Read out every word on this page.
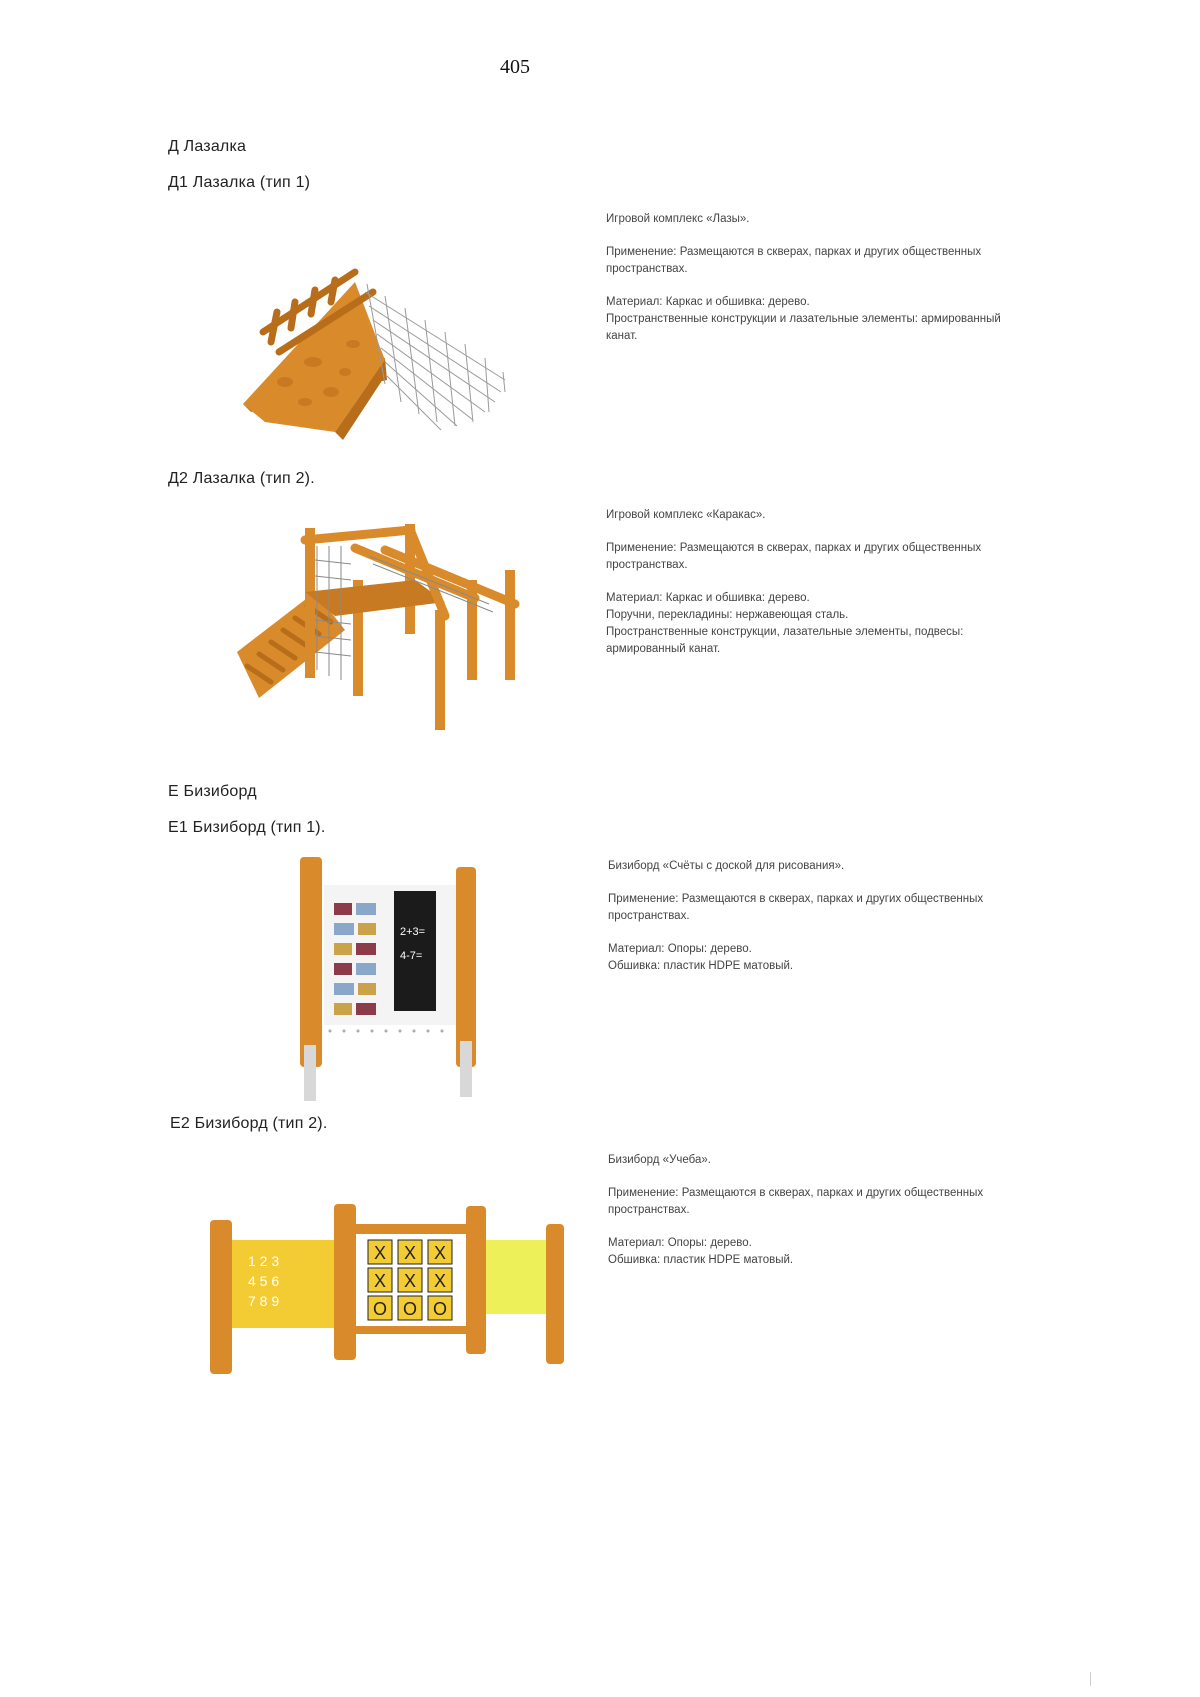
405
Д Лазалка
Д1 Лазалка (тип 1)

Игровой комплекс «Лазы».

Применение: Размещаются в скверах, парках и других общественных пространствах.

Материал: Каркас и обшивка: дерево.
Пространственные конструкции и лазательные элементы: армированный канат.

Д2 Лазалка (тип 2).

Игровой комплекс «Каракас».

Применение: Размещаются в скверах, парках и других общественных пространствах.

Материал: Каркас и обшивка: дерево.
Поручни, перекладины: нержавеющая сталь.
Пространственные конструкции, лазательные элементы, подвесы: армированный канат.

Е Бизиборд
Е1 Бизиборд (тип 1).
2+3=
4-7=

Бизиборд «Счёты с доской для рисования».

Применение: Размещаются в скверах, парках и других общественных пространствах.

Материал: Опоры: дерево.
Обшивка: пластик HDPE матовый.

Е2 Бизиборд (тип 2).
1 2 3
4 5 6
7 8 9
X X X
X X X
O O O

Бизиборд «Учеба».

Применение: Размещаются в скверах, парках и других общественных пространствах.

Материал: Опоры: дерево.
Обшивка: пластик HDPE матовый.
